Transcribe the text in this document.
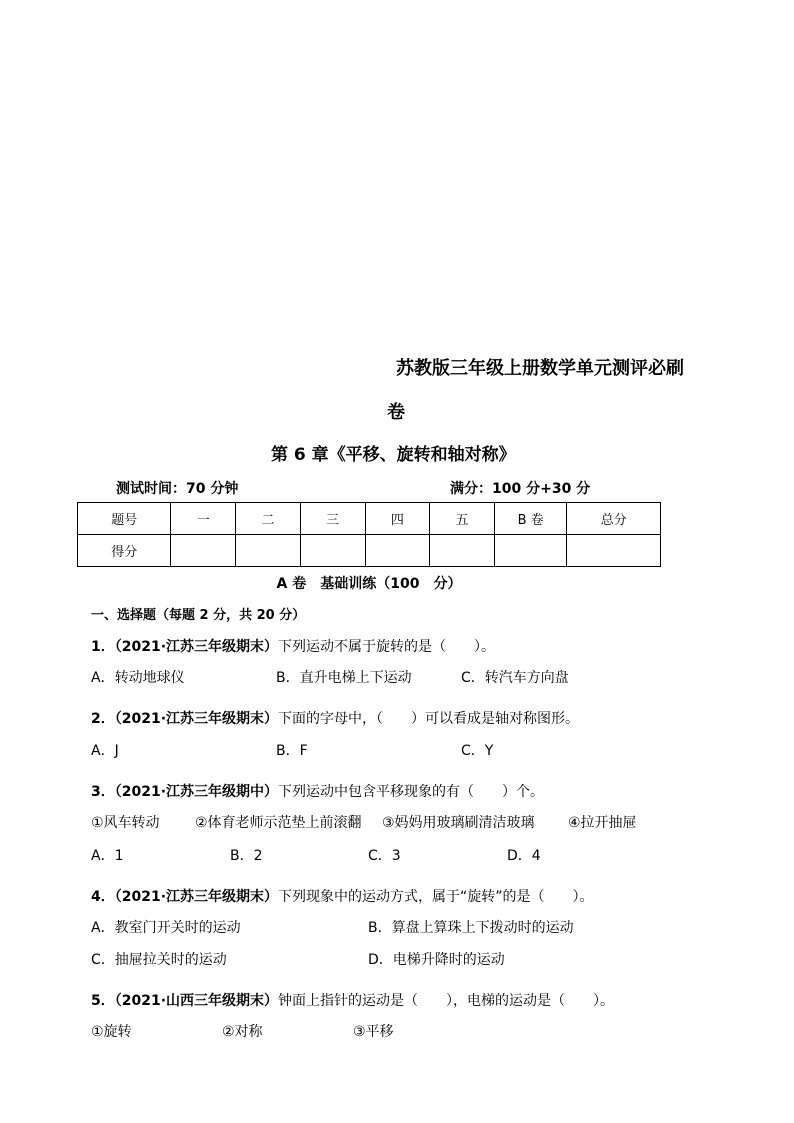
苏教版三年级上册数学单元测评必刷
卷
第 6 章《平移、旋转和轴对称》
测试时间：70 分钟	满分：100 分+30 分
题号	一	二	三	四	五	B 卷	总分
得分							
A 卷　基础训练（100　分）
一、选择题（每题 2 分，共 20 分）
1．（2021·江苏三年级期末）下列运动不属于旋转的是（　　）。
A．转动地球仪	B．直升电梯上下运动	C．转汽车方向盘
2．（2021·江苏三年级期末）下面的字母中，（　　）可以看成是轴对称图形。
A．J	B．F	C．Y
3．（2021·江苏三年级期中）下列运动中包含平移现象的有（　　）个。
①风车转动	②体育老师示范垫上前滚翻 ③妈妈用玻璃刷清洁玻璃 ④拉开抽屉
A．1	B．2	C．3	D．4
4．（2021·江苏三年级期末）下列现象中的运动方式，属于“旋转”的是（　　）。
A．教室门开关时的运动	B．算盘上算珠上下拨动时的运动
C．抽屉拉关时的运动	D．电梯升降时的运动
5．（2021·山西三年级期末）钟面上指针的运动是（　　），电梯的运动是（　　）。
①旋转	②对称	③平移
